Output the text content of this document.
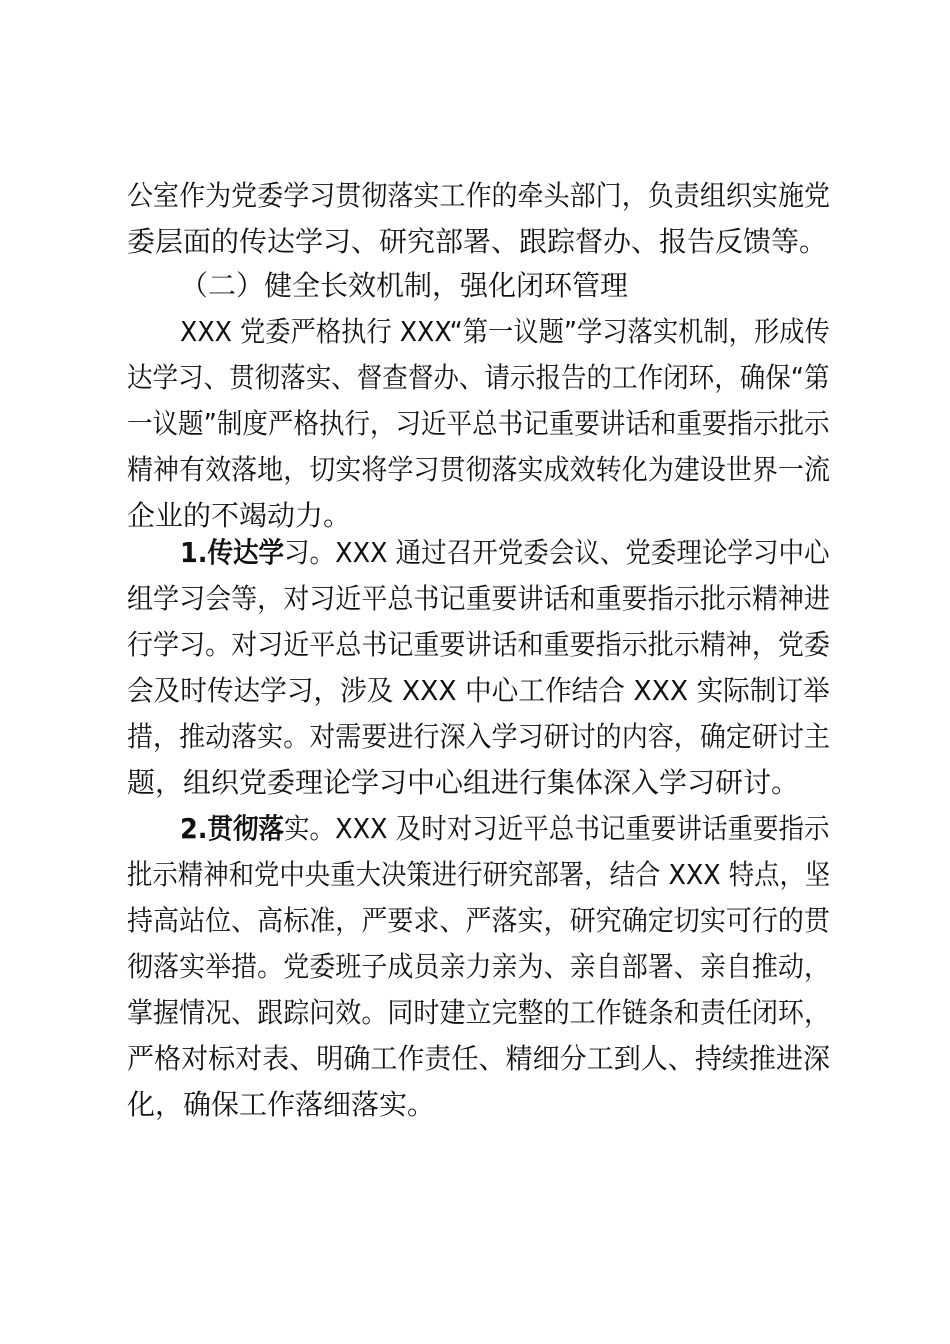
公室作为党委学习贯彻落实工作的牵头部门，负责组织实施党
委层面的传达学习、研究部署、跟踪督办、报告反馈等。
（二）健全长效机制，强化闭环管理
XXX 党委严格执行 XXX“第一议题”学习落实机制，形成传
达学习、贯彻落实、督查督办、请示报告的工作闭环，确保“第
一议题”制度严格执行，习近平总书记重要讲话和重要指示批示
精神有效落地，切实将学习贯彻落实成效转化为建设世界一流
企业的不竭动力。
1.传达学习。XXX 通过召开党委会议、党委理论学习中心
组学习会等，对习近平总书记重要讲话和重要指示批示精神进
行学习。对习近平总书记重要讲话和重要指示批示精神，党委
会及时传达学习，涉及 XXX 中心工作结合 XXX 实际制订举
措，推动落实。对需要进行深入学习研讨的内容，确定研讨主
题，组织党委理论学习中心组进行集体深入学习研讨。
2.贯彻落实。XXX 及时对习近平总书记重要讲话重要指示
批示精神和党中央重大决策进行研究部署，结合 XXX 特点，坚
持高站位、高标准，严要求、严落实，研究确定切实可行的贯
彻落实举措。党委班子成员亲力亲为、亲自部署、亲自推动，
掌握情况、跟踪问效。同时建立完整的工作链条和责任闭环，
严格对标对表、明确工作责任、精细分工到人、持续推进深
化，确保工作落细落实。
